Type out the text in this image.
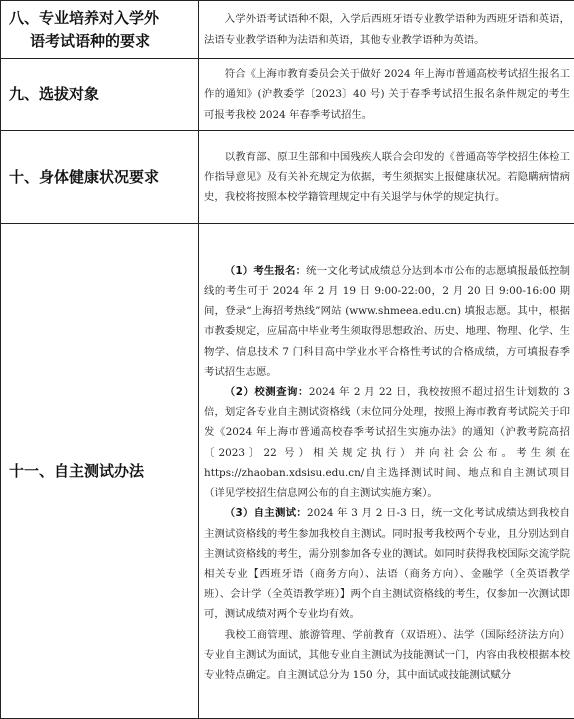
八、专业培养对入学外
语考试语种的要求	入学外语考试语种不限，入学后西班牙语专业教学语种为西班牙语和英语，法语专业教学语种为法语和英语，其他专业教学语种为英语。

九、选拔对象	符合《上海市教育委员会关于做好 2024 年上海市普通高校考试招生报名工作的通知》(沪教委学〔2023〕40 号) 关于春季考试招生报名条件规定的考生可报考我校 2024 年春季考试招生。

十、身体健康状况要求	以教育部、原卫生部和中国残疾人联合会印发的《普通高等学校招生体检工作指导意见》及有关补充规定为依据，考生须据实上报健康状况。若隐瞒病情病史，我校将按照本校学籍管理规定中有关退学与休学的规定执行。

十一、自主测试办法	（1）考生报名：统一文化考试成绩总分达到本市公布的志愿填报最低控制线的考生可于 2024 年 2 月 19 日 9:00-22:00，2 月 20 日 9:00-16:00 期间，登录“上海招考热线”网站 (www.shmeea.edu.cn) 填报志愿。其中，根据市教委规定，应届高中毕业考生须取得思想政治、历史、地理、物理、化学、生物学、信息技术 7 门科目高中学业水平合格性考试的合格成绩，方可填报春季考试招生志愿。

（2）校测查询：2024 年 2 月 22 日，我校按照不超过招生计划数的 3 倍，划定各专业自主测试资格线（末位同分处理，按照上海市教育考试院关于印发《2024 年上海市普通高校春季考试招生实施办法》的通知（沪教考院高招〔2023〕22 号）相关规定执行）并向社会公布。考生须在 https://zhaoban.xdsisu.edu.cn/自主选择测试时间、地点和自主测试项目（详见学校招生信息网公布的自主测试实施方案）。

（3）自主测试：2024 年 3 月 2 日-3 日，统一文化考试成绩达到我校自主测试资格线的考生参加我校自主测试。同时报考我校两个专业，且分别达到自主测试资格线的考生，需分别参加各专业的测试。如同时获得我校国际交流学院相关专业【西班牙语（商务方向）、法语（商务方向）、金融学（全英语教学班）、会计学（全英语教学班）】两个自主测试资格线的考生，仅参加一次测试即可，测试成绩对两个专业均有效。

我校工商管理、旅游管理、学前教育（双语班）、法学（国际经济法方向）专业自主测试为面试，其他专业自主测试为技能测试一门，内容由我校根据本校专业特点确定。自主测试总分为 150 分，其中面试或技能测试赋分
